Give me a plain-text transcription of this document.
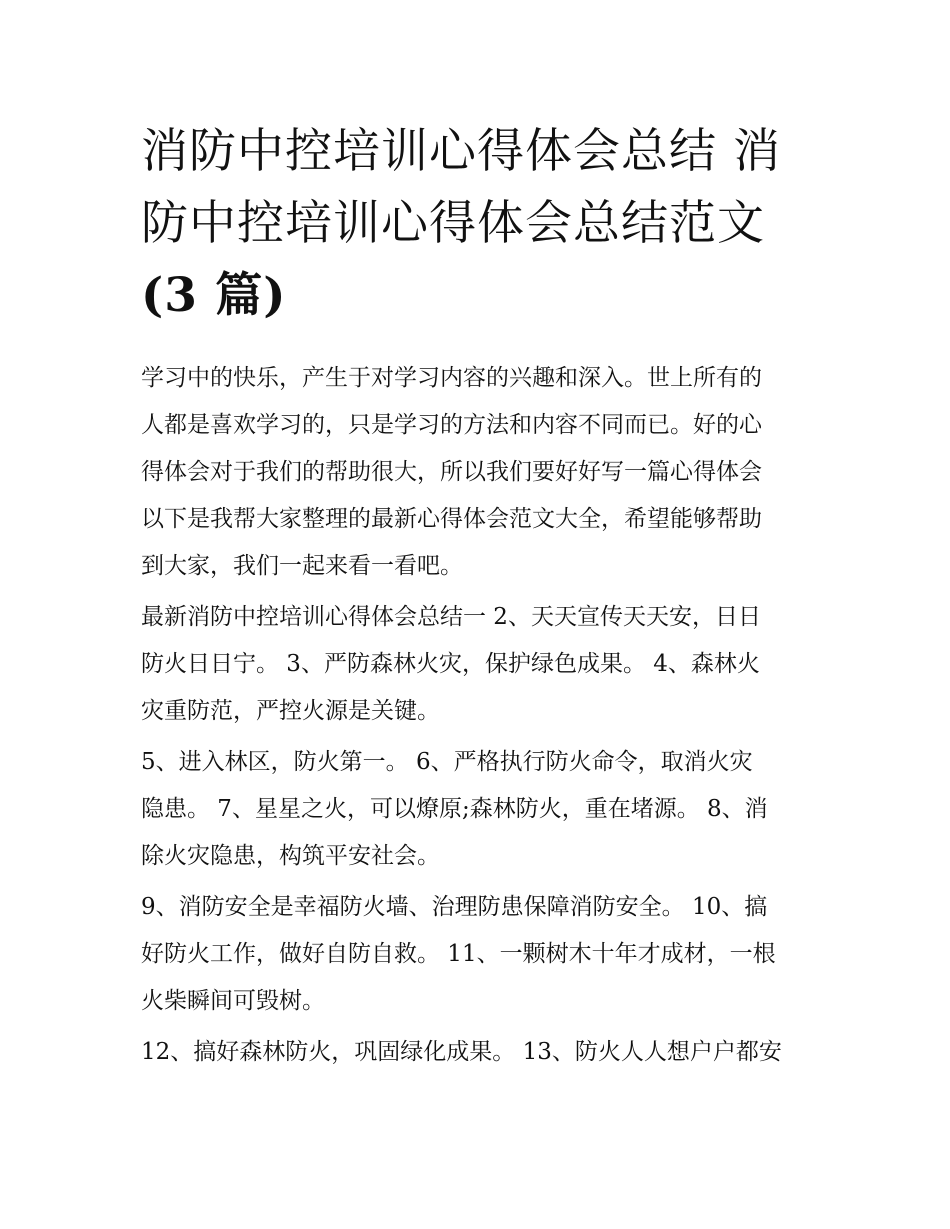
消防中控培训心得体会总结 消
防中控培训心得体会总结范文
(3 篇)

学习中的快乐，产生于对学习内容的兴趣和深入。世上所有的
人都是喜欢学习的，只是学习的方法和内容不同而已。好的心
得体会对于我们的帮助很大，所以我们要好好写一篇心得体会
以下是我帮大家整理的最新心得体会范文大全，希望能够帮助
到大家，我们一起来看一看吧。

最新消防中控培训心得体会总结一 2、天天宣传天天安，日日
防火日日宁。 3、严防森林火灾，保护绿色成果。 4、森林火
灾重防范，严控火源是关键。

5、进入林区，防火第一。 6、严格执行防火命令，取消火灾
隐患。 7、星星之火，可以燎原;森林防火，重在堵源。 8、消
除火灾隐患，构筑平安社会。

9、消防安全是幸福防火墙、治理防患保障消防安全。 10、搞
好防火工作，做好自防自救。 11、一颗树木十年才成材，一根
火柴瞬间可毁树。

12、搞好森林防火，巩固绿化成果。 13、防火人人想户户都安
